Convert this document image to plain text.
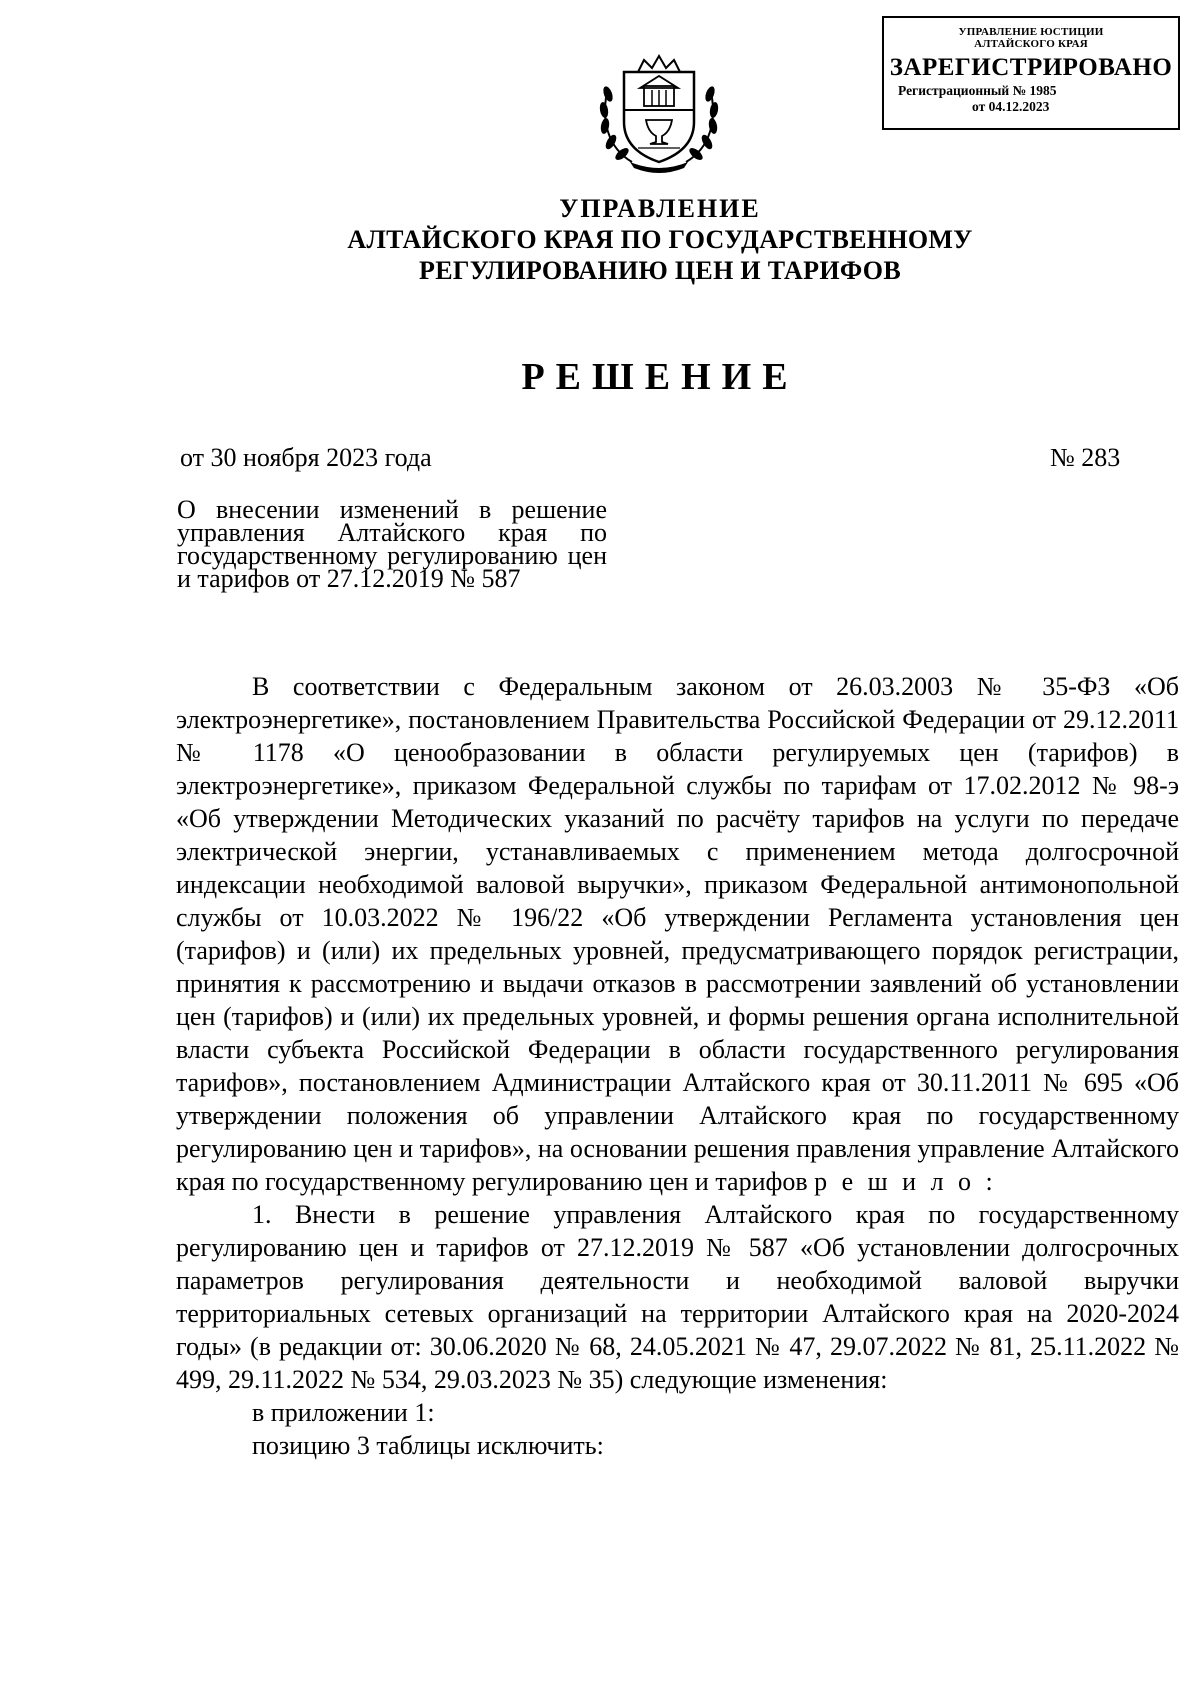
УПРАВЛЕНИЕ ЮСТИЦИИ
АЛТАЙСКОГО КРАЯ
ЗАРЕГИСТРИРОВАНО
Регистрационный № 1985
от 04.12.2023
УПРАВЛЕНИЕ
АЛТАЙСКОГО КРАЯ ПО ГОСУДАРСТВЕННОМУ
РЕГУЛИРОВАНИЮ ЦЕН И ТАРИФОВ
РЕШЕНИЕ
от 30 ноября 2023 года	№ 283
О внесении изменений в решение управления Алтайского края по государственному регулированию цен и тарифов от 27.12.2019 № 587

В соответствии с Федеральным законом от 26.03.2003 № 35-ФЗ «Об электроэнергетике», постановлением Правительства Российской Федерации от 29.12.2011 № 1178 «О ценообразовании в области регулируемых цен (тарифов) в электроэнергетике», приказом Федеральной службы по тарифам от 17.02.2012 № 98-э «Об утверждении Методических указаний по расчёту тарифов на услуги по передаче электрической энергии, устанавливаемых с применением метода долгосрочной индексации необходимой валовой выручки», приказом Федеральной антимонопольной службы от 10.03.2022 № 196/22 «Об утверждении Регламента установления цен (тарифов) и (или) их предельных уровней, предусматривающего порядок регистрации, принятия к рассмотрению и выдачи отказов в рассмотрении заявлений об установлении цен (тарифов) и (или) их предельных уровней, и формы решения органа исполнительной власти субъекта Российской Федерации в области государственного регулирования тарифов», постановлением Администрации Алтайского края от 30.11.2011 № 695 «Об утверждении положения об управлении Алтайского края по государственному регулированию цен и тарифов», на основании решения правления управление Алтайского края по государственному регулированию цен и тарифов р е ш и л о :

1. Внести в решение управления Алтайского края по государственному регулированию цен и тарифов от 27.12.2019 № 587 «Об установлении долгосрочных параметров регулирования деятельности и необходимой валовой выручки территориальных сетевых организаций на территории Алтайского края на 2020-2024 годы» (в редакции от: 30.06.2020 № 68, 24.05.2021 № 47, 29.07.2022 № 81, 25.11.2022 № 499, 29.11.2022 № 534, 29.03.2023 № 35) следующие изменения:

в приложении 1:

позицию 3 таблицы исключить:
